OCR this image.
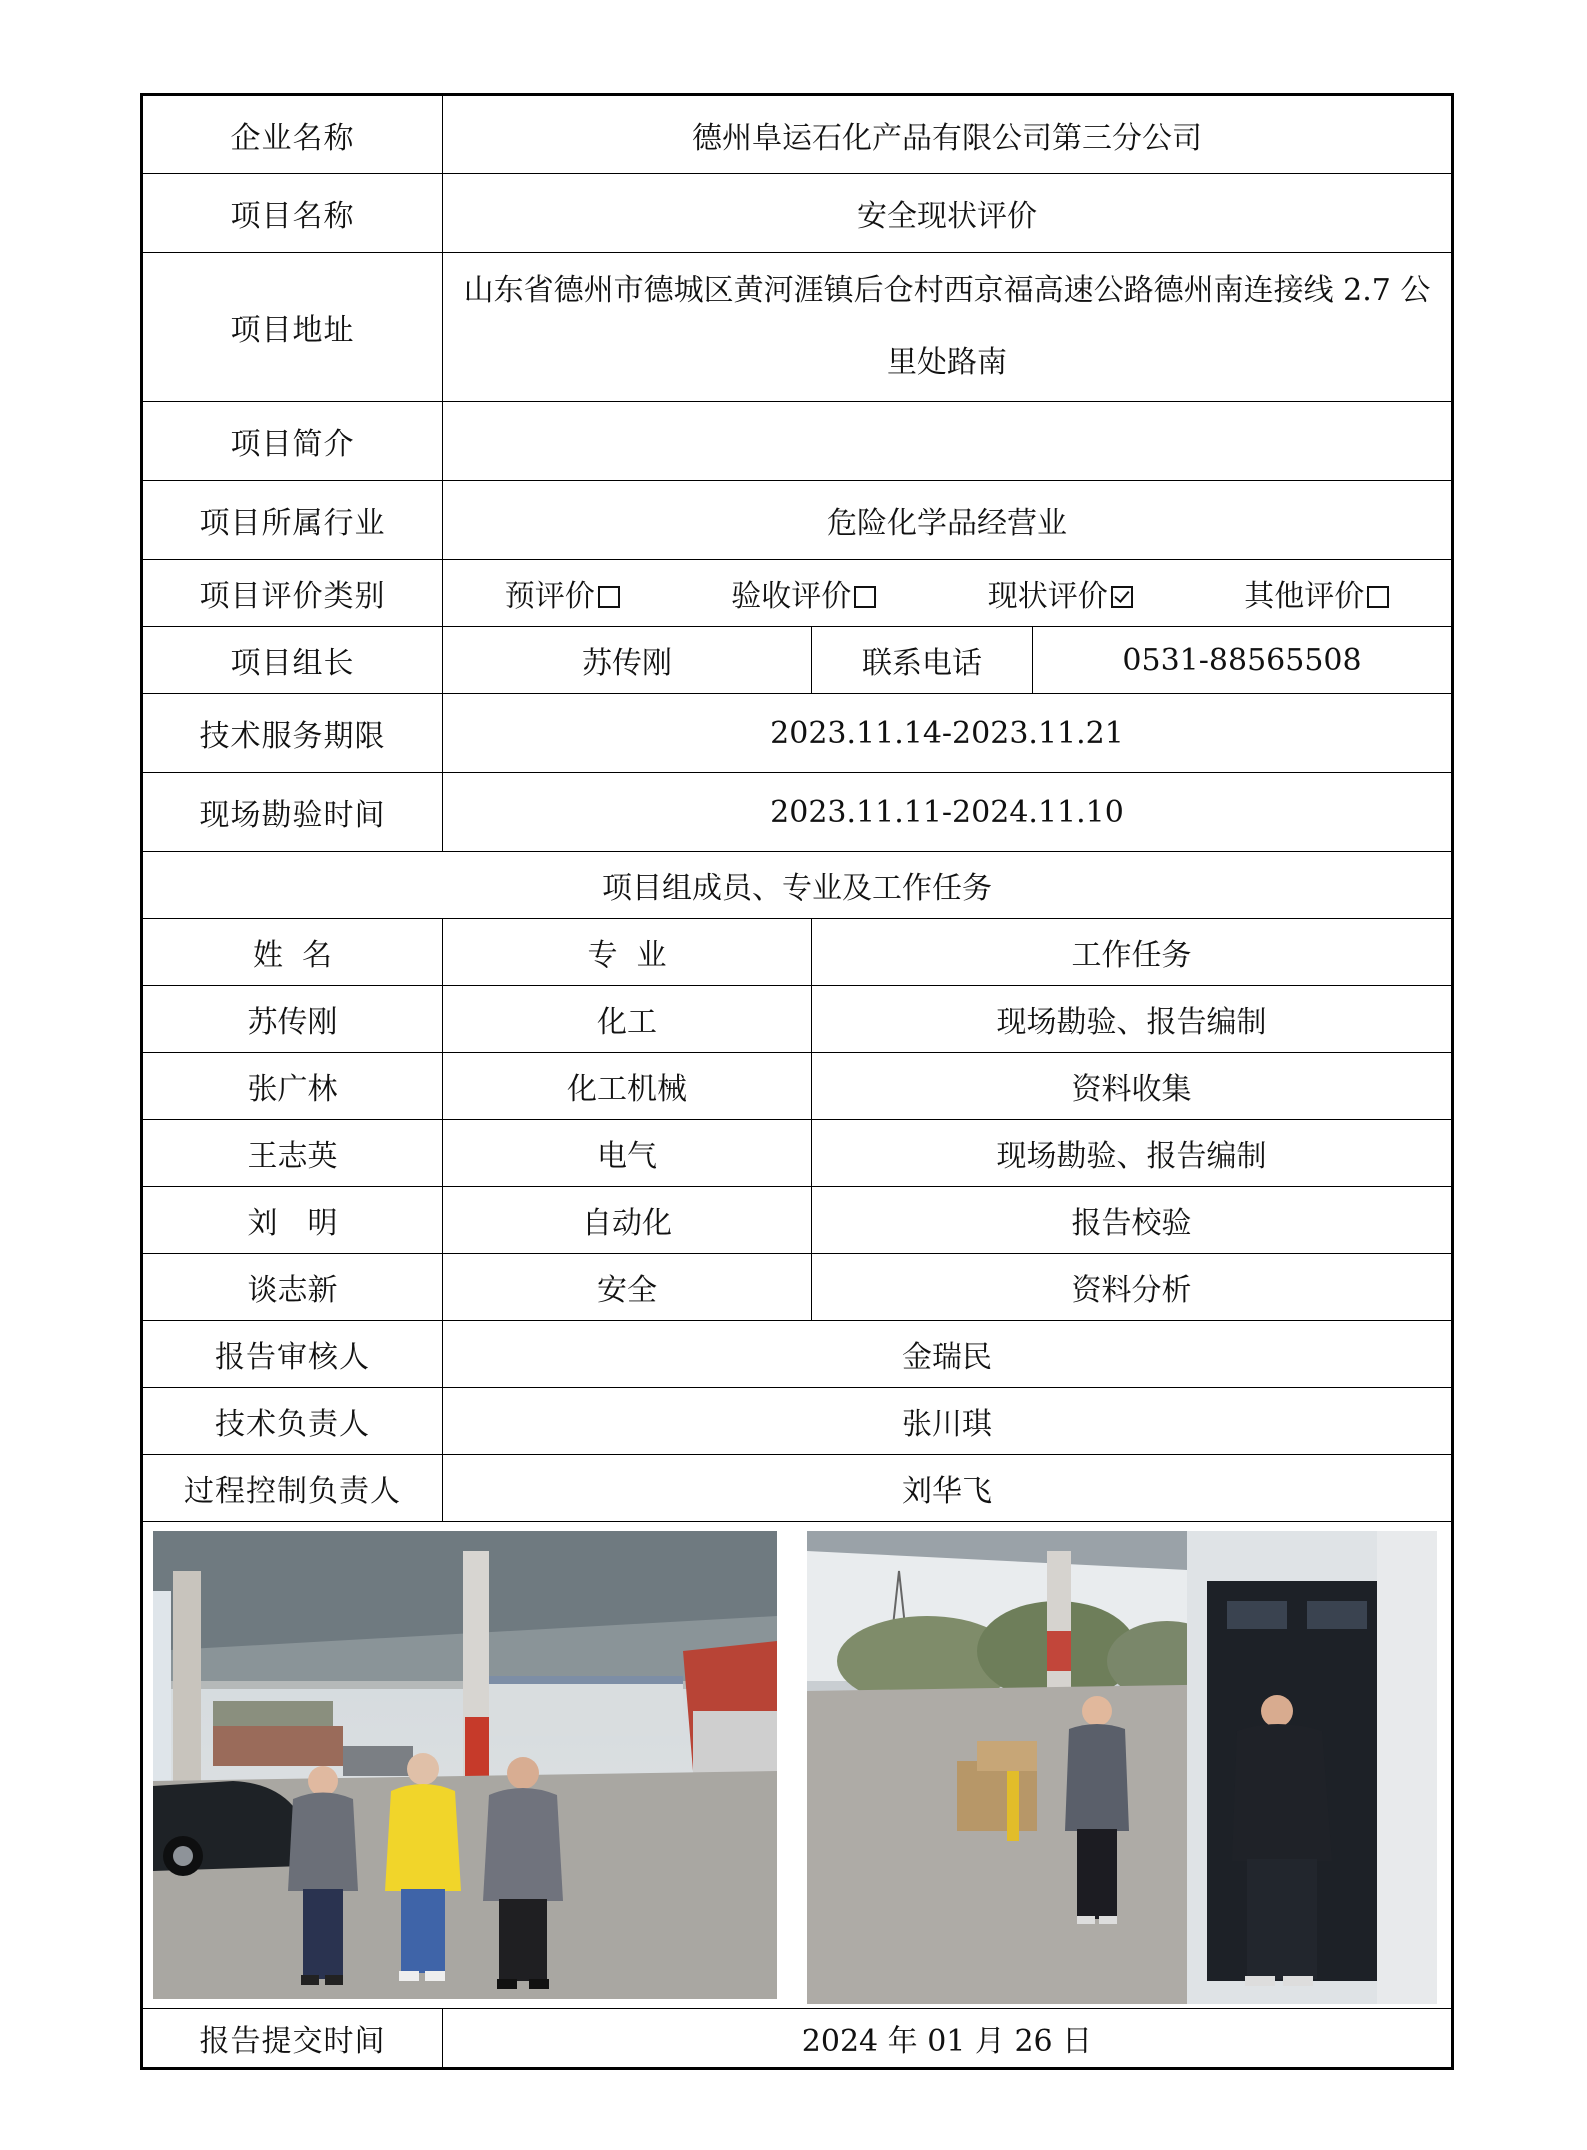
企业名称	德州阜运石化产品有限公司第三分公司		
项目名称	安全现状评价		
项目地址	山东省德州市德城区黄河涯镇后仓村西京福高速公路德州南连接线 2.7 公里处路南		
项目简介			
项目所属行业	危险化学品经营业		
项目评价类别	预评价 验收评价 现状评价 其他评价		

项目组长	苏传刚	联系电话	0531-88565508
技术服务期限	2023.11.14-2023.11.21		
现场勘验时间	2023.11.11-2024.11.10		
项目组成员、专业及工作任务			
姓  名	专  业	工作任务	
苏传刚	化工	现场勘验、报告编制	
张广林	化工机械	资料收集	
王志英	电气	现场勘验、报告编制	
刘　明	自动化	报告校验	
谈志新	安全	资料分析	
报告审核人	金瑞民		
技术负责人	张川琪		
过程控制负责人	刘华飞		

报告提交时间	2024 年 01 月 26 日		
